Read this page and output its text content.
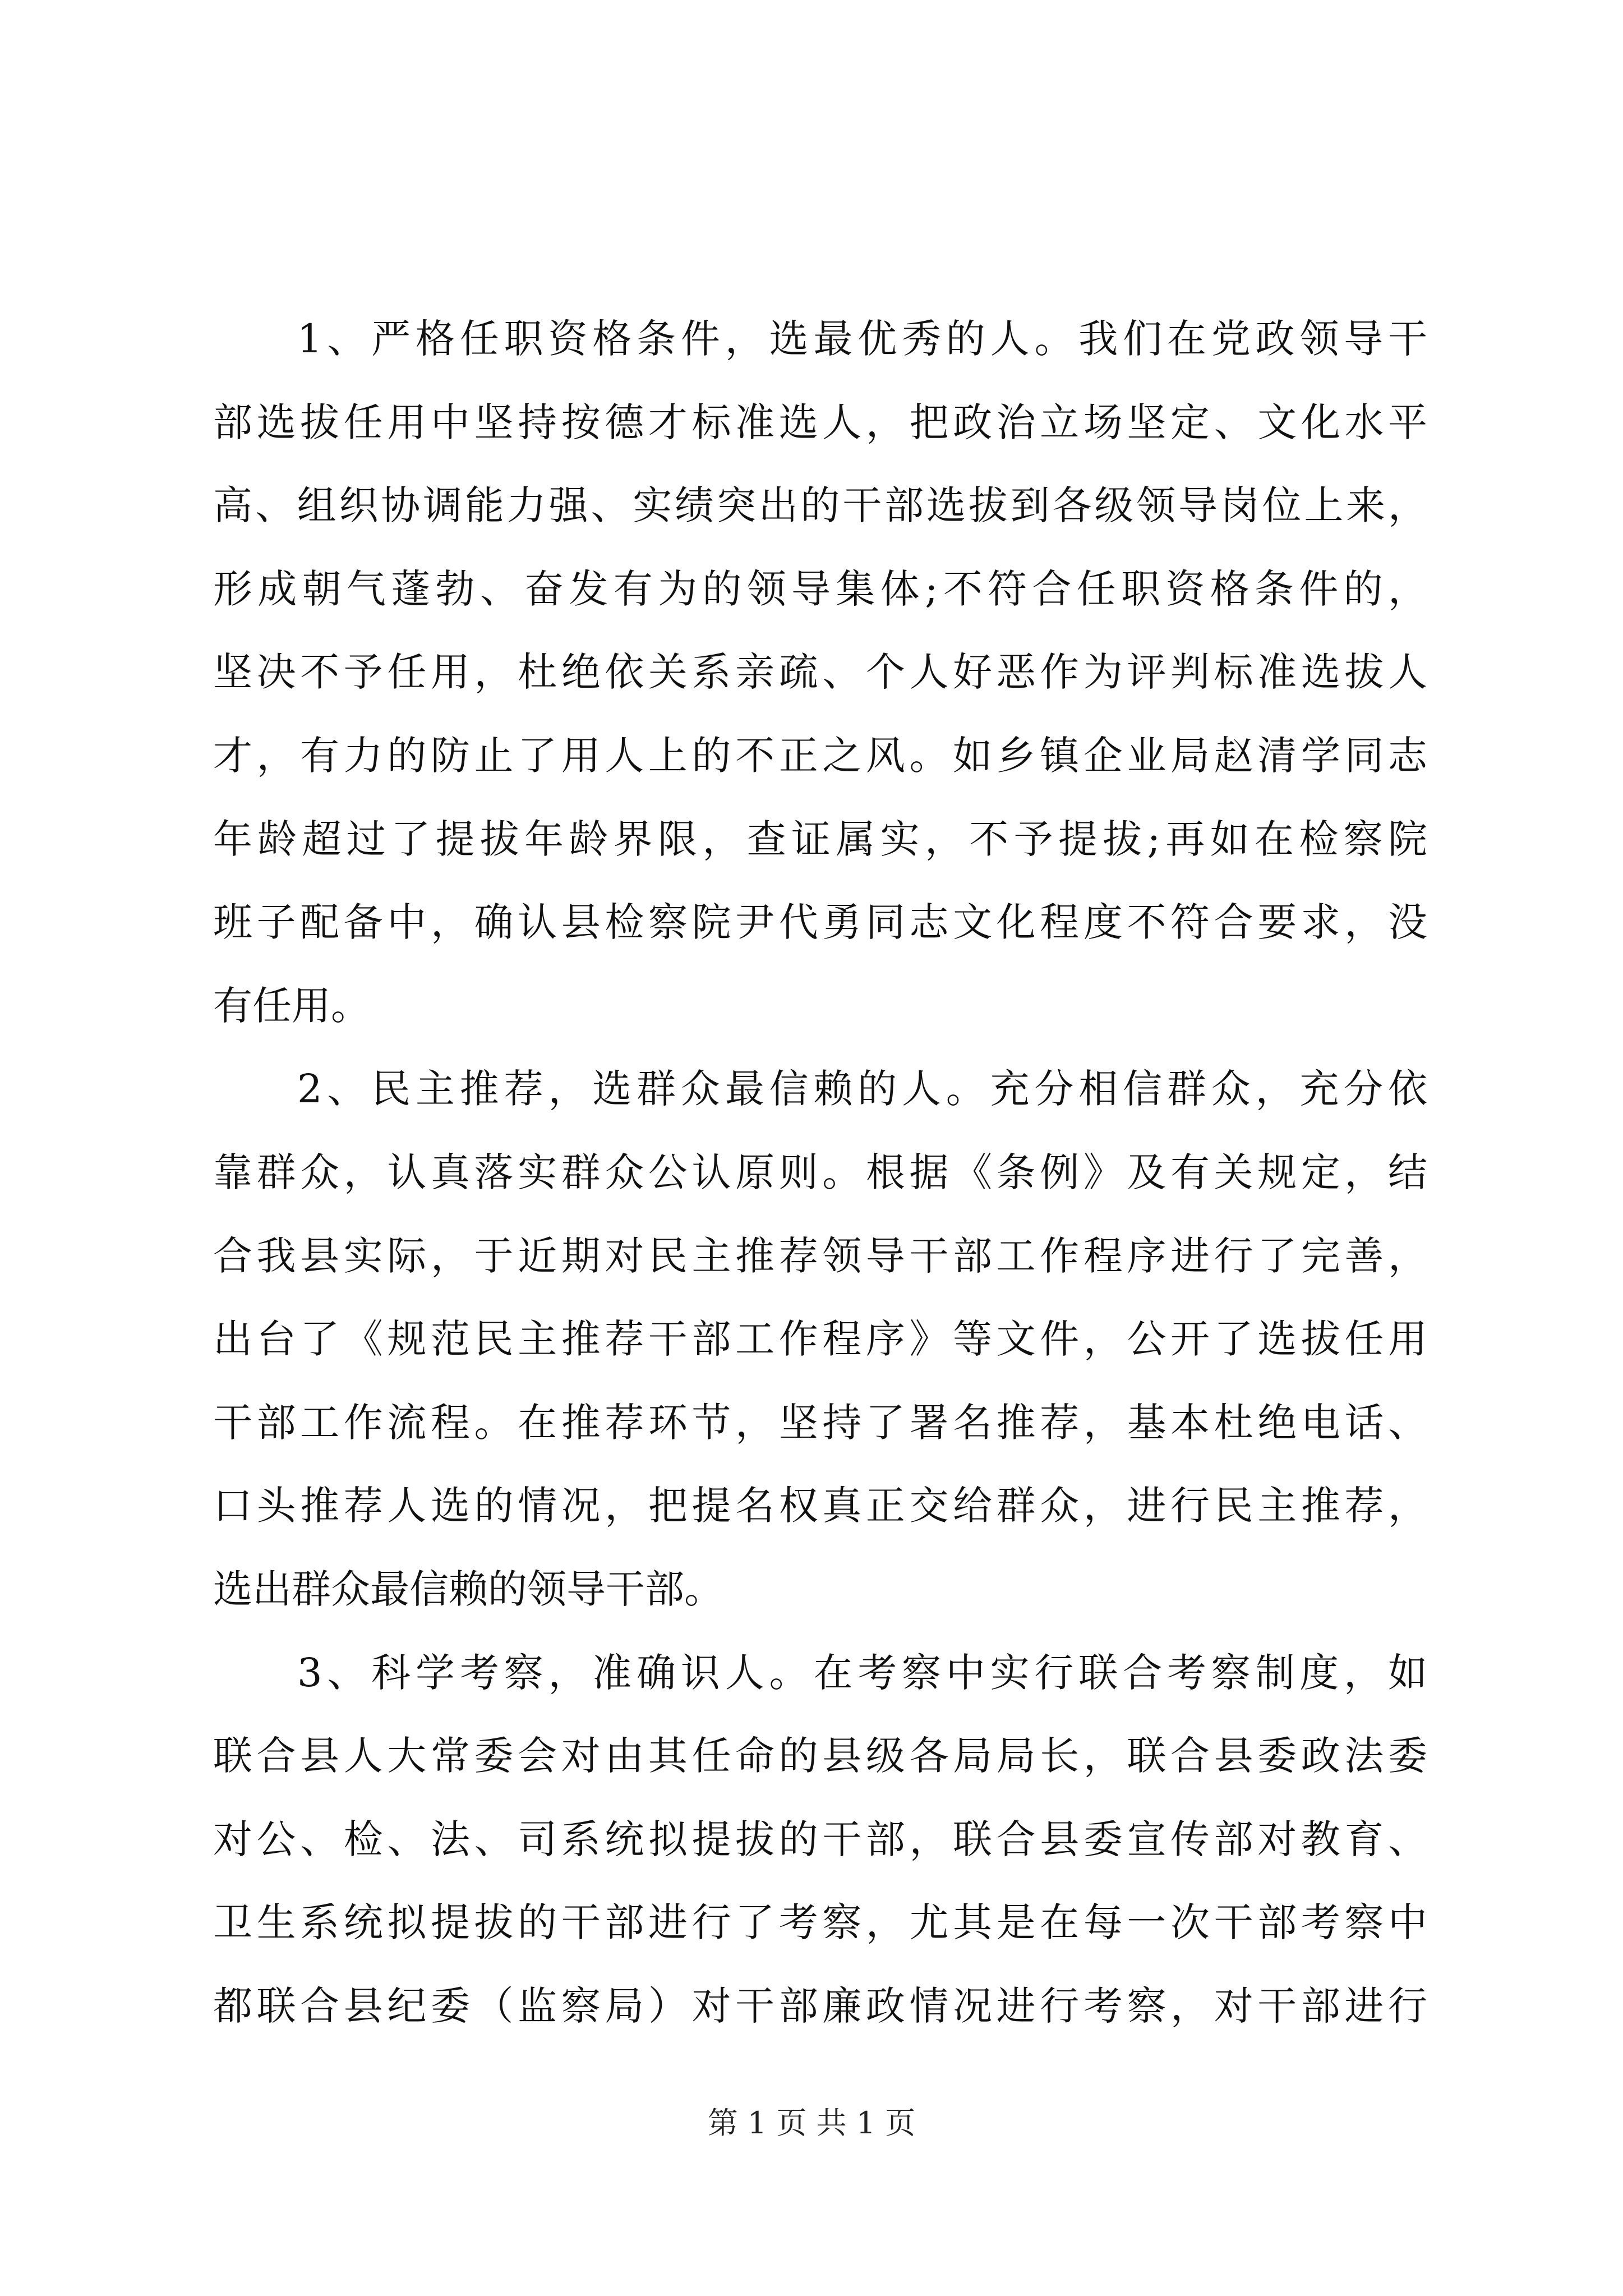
1、严格任职资格条件，选最优秀的人。我们在党政领导干
部选拔任用中坚持按德才标准选人，把政治立场坚定、文化水平
高、组织协调能力强、实绩突出的干部选拔到各级领导岗位上来，
形成朝气蓬勃、奋发有为的领导集体;不符合任职资格条件的，
坚决不予任用，杜绝依关系亲疏、个人好恶作为评判标准选拔人
才，有力的防止了用人上的不正之风。如乡镇企业局赵清学同志
年龄超过了提拔年龄界限，查证属实，不予提拔;再如在检察院
班子配备中，确认县检察院尹代勇同志文化程度不符合要求，没
有任用。
2、民主推荐，选群众最信赖的人。充分相信群众，充分依
靠群众，认真落实群众公认原则。根据《条例》及有关规定，结
合我县实际，于近期对民主推荐领导干部工作程序进行了完善，
出台了《规范民主推荐干部工作程序》等文件，公开了选拔任用
干部工作流程。在推荐环节，坚持了署名推荐，基本杜绝电话、
口头推荐人选的情况，把提名权真正交给群众，进行民主推荐，
选出群众最信赖的领导干部。
3、科学考察，准确识人。在考察中实行联合考察制度，如
联合县人大常委会对由其任命的县级各局局长，联合县委政法委
对公、检、法、司系统拟提拔的干部，联合县委宣传部对教育、
卫生系统拟提拔的干部进行了考察，尤其是在每一次干部考察中
都联合县纪委（监察局）对干部廉政情况进行考察，对干部进行
第 1 页 共 1 页
